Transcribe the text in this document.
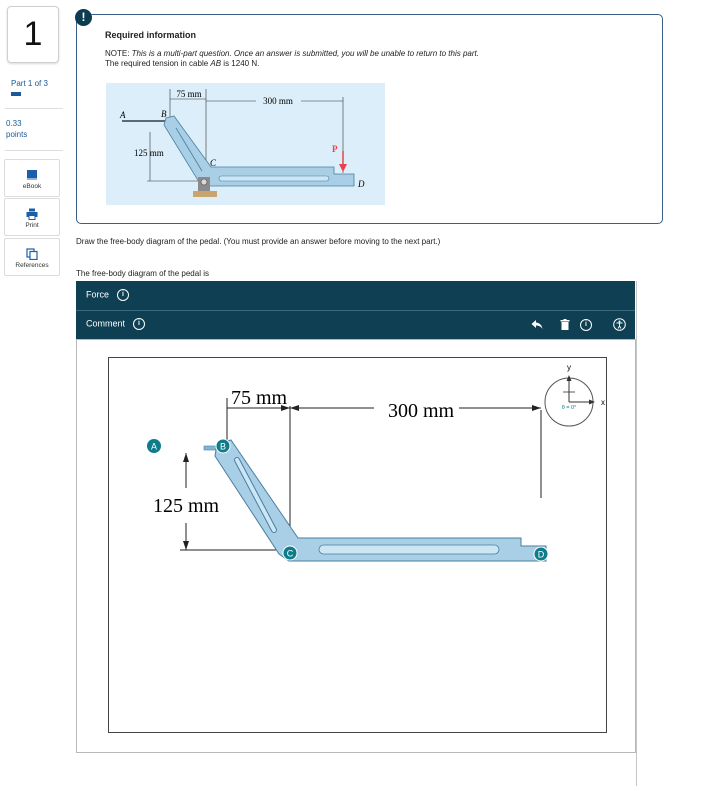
1
Part 1 of 3
0.33
points
eBook
Print
References
Required information
NOTE: This is a multi-part question. Once an answer is submitted, you will be unable to return to this part.
The required tension in cable AB is 1240 N.
75 mm
300 mm
125 mm
A	B
C
D
P
!
Draw the free-body diagram of the pedal. (You must provide an answer before moving to the next part.)
The free-body diagram of the pedal is
Force i
Comment i	i
75 mm
300 mm
125 mm
A	B
C	D
y
x
θ = 0°
